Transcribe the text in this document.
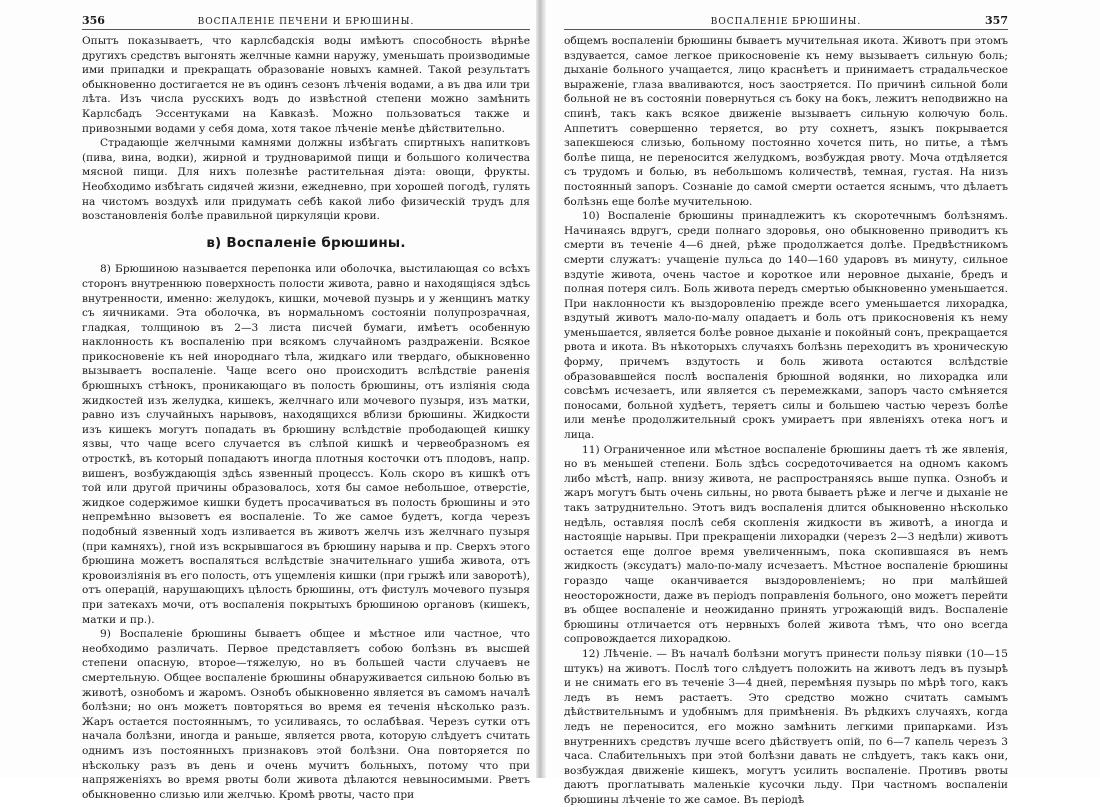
356	ВОСПАЛЕНІЕ ПЕЧЕНИ И БРЮШИНЫ.

Опытъ показываетъ, что карлсбадскія воды имѣютъ способность вѣрнѣе другихъ средствъ выгонять желчные камни наружу, уменьшать производимые ими припадки и прекращать образованіе новыхъ камней. Такой результатъ обыкновенно достигается не въ одинъ сезонъ лѣченія водами, а въ два или три лѣта. Изъ числа русскихъ водъ до извѣстной степени можно замѣнить Карлсбадъ Эссентуками на Кавказѣ. Можно пользоваться также и привозными водами у себя дома, хотя такое лѣченіе менѣе дѣйствительно.

Страдающіе желчными камнями должны избѣгать спиртныхъ напитковъ (пива, вина, водки), жирной и трудноваримой пищи и большого количества мясной пищи. Для нихъ полезнѣе растительная діэта: овощи, фрукты. Необходимо избѣгать сидячей жизни, ежедневно, при хорошей погодѣ, гулять на чистомъ воздухѣ или придумать себѣ какой либо физическій трудъ для возстановленія болѣе правильной циркуляціи крови.

в) Воспаленіе брюшины.

8) Брюшиною называется перепонка или оболочка, выстилающая со всѣхъ сторонъ внутреннюю поверхность полости живота, равно и находящіяся здѣсь внутренности, именно: желудокъ, кишки, мочевой пузырь и у женщинъ матку съ яичниками. Эта оболочка, въ нормальномъ состояніи полупрозрачная, гладкая, толщиною въ 2—3 листа писчей бумаги, имѣетъ особенную наклонность къ воспаленію при всякомъ случайномъ раздраженіи. Всякое прикосновеніе къ ней инороднаго тѣла, жидкаго или твердаго, обыкновенно вызываетъ воспаленіе. Чаще всего оно происходитъ вслѣдствіе раненія брюшныхъ стѣнокъ, проникающаго въ полость брюшины, отъ изліянія сюда жидкостей изъ желудка, кишекъ, желчнаго или мочевого пузыря, изъ матки, равно изъ случайныхъ нарывовъ, находящихся вблизи брюшины. Жидкости изъ кишекъ могутъ попадать въ брюшину вслѣдствіе прободающей кишку язвы, что чаще всего случается въ слѣпой кишкѣ и червеобразномъ ея отросткѣ, въ который попадаютъ иногда плотныя косточки отъ плодовъ, напр. вишенъ, возбуждающія здѣсь язвенный процессъ. Коль скоро въ кишкѣ отъ той или другой причины образовалось, хотя бы самое небольшое, отверстіе, жидкое содержимое кишки будетъ просачиваться въ полость брюшины и это непремѣнно вызоветъ ея воспаленіе. То же самое будетъ, когда черезъ подобный язвенный ходъ изливается въ животъ желчь изъ желчнаго пузыря (при камняхъ), гной изъ вскрывшагося въ брюшину нарыва и пр. Сверхъ этого брюшина можетъ воспаляться вслѣдствіе значительнаго ушиба живота, отъ кровоизліянія въ его полость, отъ ущемленія кишки (при грыжѣ или заворотѣ), отъ операцій, нарушающихъ цѣлость брюшины, отъ фистулъ мочевого пузыря при затекахъ мочи, отъ воспаленія покрытыхъ брюшиною органовъ (кишекъ, матки и пр.).

9) Воспаленіе брюшины бываетъ общее и мѣстное или частное, что необходимо различать. Первое представляетъ собою болѣзнь въ высшей степени опасную, второе—тяжелую, но въ большей части случаевъ не смертельную. Общее воспаленіе брюшины обнаруживается сильною болью въ животѣ, ознобомъ и жаромъ. Ознобъ обыкновенно является въ самомъ началѣ болѣзни; но онъ можетъ повторяться во время ея теченія нѣсколько разъ. Жаръ остается постояннымъ, то усиливаясь, то ослабѣвая. Черезъ сутки отъ начала болѣзни, иногда и раньше, является рвота, которую слѣдуетъ считать однимъ изъ постоянныхъ признаковъ этой болѣзни. Она повторяется по нѣскольку разъ въ день и очень мучитъ больныхъ, потому что при напряженіяхъ во время рвоты боли живота дѣлаются невыносимыми. Рветъ обыкновенно слизью или желчью. Кромѣ рвоты, часто при

ВОСПАЛЕНІЕ БРЮШИНЫ.	357

общемъ воспаленіи брюшины бываетъ мучительная икота. Животъ при этомъ вздувается, самое легкое прикосновеніе къ нему вызываетъ сильную боль; дыханіе больного учащается, лицо краснѣетъ и принимаетъ страдальческое выраженіе, глаза вваливаются, носъ заостряется. По причинѣ сильной боли больной не въ состояніи повернуться съ боку на бокъ, лежитъ неподвижно на спинѣ, такъ какъ всякое движеніе вызываетъ сильную колючую боль. Аппетитъ совершенно теряется, во рту сохнетъ, языкъ покрывается запекшеюся слизью, больному постоянно хочется пить, но питье, а тѣмъ болѣе пища, не переносится желудкомъ, возбуждая рвоту. Моча отдѣляется съ трудомъ и болью, въ небольшомъ количествѣ, темная, густая. На низъ постоянный запоръ. Сознаніе до самой смерти остается яснымъ, что дѣлаетъ болѣзнь еще болѣе мучительною.

10) Воспаленіе брюшины принадлежитъ къ скоротечнымъ болѣзнямъ. Начинаясь вдругъ, среди полнаго здоровья, оно обыкновенно приводитъ къ смерти въ теченіе 4—6 дней, рѣже продолжается долѣе. Предвѣстникомъ смерти служатъ: учащеніе пульса до 140—160 ударовъ въ минуту, сильное вздутіе живота, очень частое и короткое или неровное дыханіе, бредъ и полная потеря силъ. Боль живота передъ смертью обыкновенно уменьшается. При наклонности къ выздоровленію прежде всего уменьшается лихорадка, вздутый животъ мало-по-малу опадаетъ и боль отъ прикосновенія къ нему уменьшается, является болѣе ровное дыханіе и покойный сонъ, прекращается рвота и икота. Въ нѣкоторыхъ случаяхъ болѣзнь переходитъ въ хроническую форму, причемъ вздутость и боль живота остаются вслѣдствіе образовавшейся послѣ воспаленія брюшной водянки, но лихорадка или совсѣмъ исчезаетъ, или является съ перемежками, запоръ часто смѣняется поносами, больной худѣетъ, теряетъ силы и большею частью черезъ болѣе или менѣе продолжительный срокъ умираетъ при явленіяхъ отека ногъ и лица.

11) Ограниченное или мѣстное воспаленіе брюшины даетъ тѣ же явленія, но въ меньшей степени. Боль здѣсь сосредоточивается на одномъ какомъ либо мѣстѣ, напр. внизу живота, не распространяясь выше пупка. Ознобъ и жаръ могутъ быть очень сильны, но рвота бываетъ рѣже и легче и дыханіе не такъ затруднительно. Этотъ видъ воспаленія длится обыкновенно нѣсколько недѣль, оставляя послѣ себя скопленія жидкости въ животѣ, а иногда и настоящіе нарывы. При прекращеніи лихорадки (черезъ 2—3 недѣли) животъ остается еще долгое время увеличеннымъ, пока скопившаяся въ немъ жидкость (эксудатъ) мало-по-малу исчезаетъ. Мѣстное воспаленіе брюшины гораздо чаще оканчивается выздоровленіемъ; но при малѣйшей неосторожности, даже въ періодъ поправленія больного, оно можетъ перейти въ общее воспаленіе и неожиданно принять угрожающій видъ. Воспаленіе брюшины отличается отъ нервныхъ болей живота тѣмъ, что оно всегда сопровождается лихорадкою.

12) Лѣченіе. — Въ началѣ болѣзни могутъ принести пользу піявки (10—15 штукъ) на животъ. Послѣ того слѣдуетъ положить на животъ ледъ въ пузырѣ и не снимать его въ теченіе 3—4 дней, перемѣняя пузырь по мѣрѣ того, какъ ледъ въ немъ растаетъ. Это средство можно считать самымъ дѣйствительнымъ и удобнымъ для примѣненія. Въ рѣдкихъ случаяхъ, когда ледъ не переносится, его можно замѣнить легкими припарками. Изъ внутреннихъ средствъ лучше всего дѣйствуетъ опій, по 6—7 капель черезъ 3 часа. Слабительныхъ при этой болѣзни давать не слѣдуетъ, такъ какъ они, возбуждая движеніе кишекъ, могутъ усилить воспаленіе. Противъ рвоты даютъ проглатывать маленькіе кусочки льду. При частномъ воспаленіи брюшины лѣченіе то же самое. Въ періодѣ
